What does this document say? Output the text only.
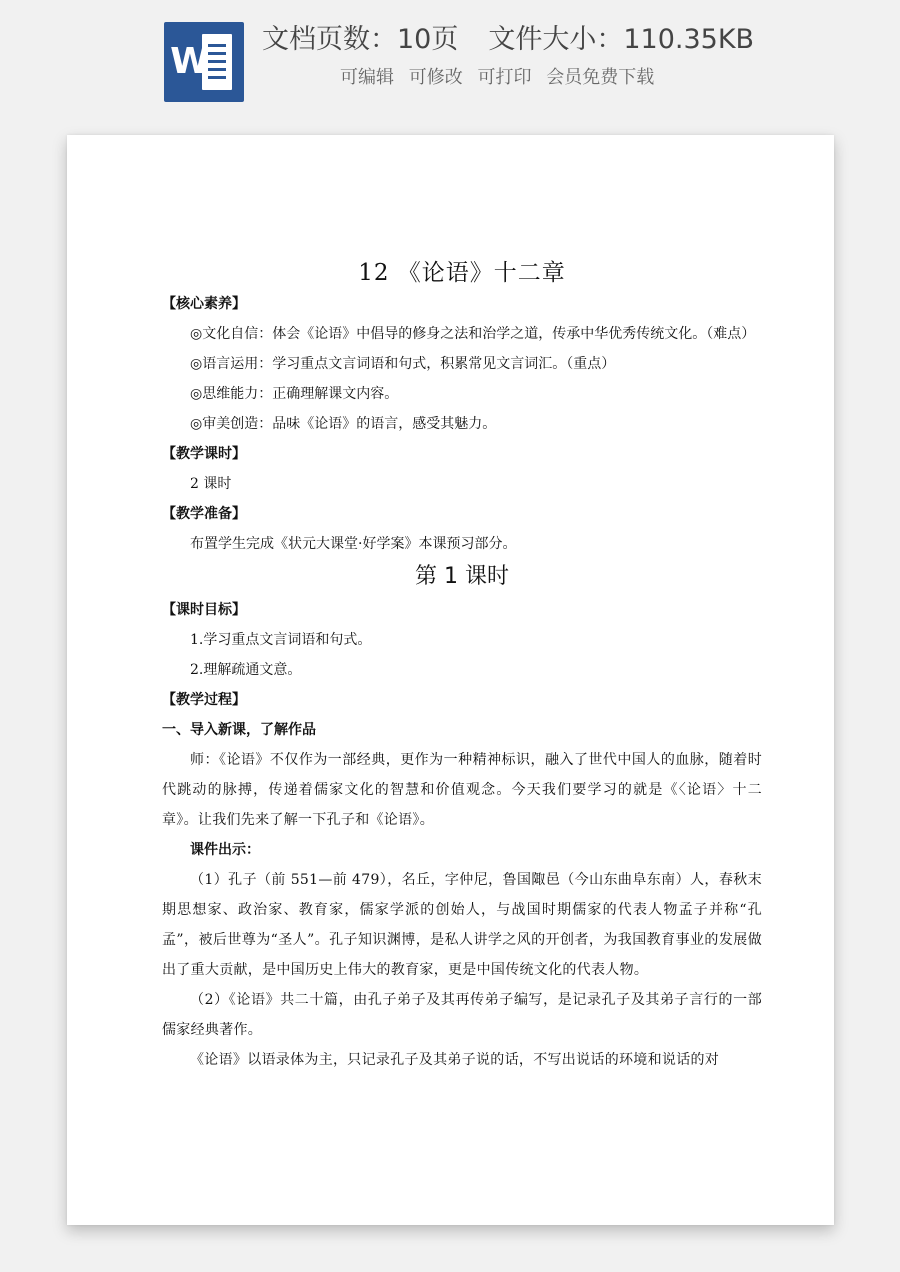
W
文档页数：10页 文件大小：110.35KB
可编辑 可修改 可打印 会员免费下载

12 《论语》十二章

【核心素养】

◎文化自信：体会《论语》中倡导的修身之法和治学之道，传承中华优秀传统文化。（难点）

◎语言运用：学习重点文言词语和句式，积累常见文言词汇。（重点）

◎思维能力：正确理解课文内容。

◎审美创造：品味《论语》的语言，感受其魅力。

【教学课时】

2 课时

【教学准备】

布置学生完成《状元大课堂·好学案》本课预习部分。

第 1 课时

【课时目标】

1.学习重点文言词语和句式。

2.理解疏通文意。

【教学过程】

一、导入新课，了解作品

师：《论语》不仅作为一部经典，更作为一种精神标识，融入了世代中国人的血脉，随着时代跳动的脉搏，传递着儒家文化的智慧和价值观念。今天我们要学习的就是《〈论语〉十二章》。让我们先来了解一下孔子和《论语》。

课件出示：

（1）孔子（前 551—前 479），名丘，字仲尼，鲁国陬邑（今山东曲阜东南）人，春秋末期思想家、政治家、教育家，儒家学派的创始人，与战国时期儒家的代表人物孟子并称“孔孟”，被后世尊为“圣人”。孔子知识渊博，是私人讲学之风的开创者，为我国教育事业的发展做出了重大贡献，是中国历史上伟大的教育家，更是中国传统文化的代表人物。

（2）《论语》共二十篇，由孔子弟子及其再传弟子编写，是记录孔子及其弟子言行的一部儒家经典著作。

《论语》以语录体为主，只记录孔子及其弟子说的话，不写出说话的环境和说话的对
